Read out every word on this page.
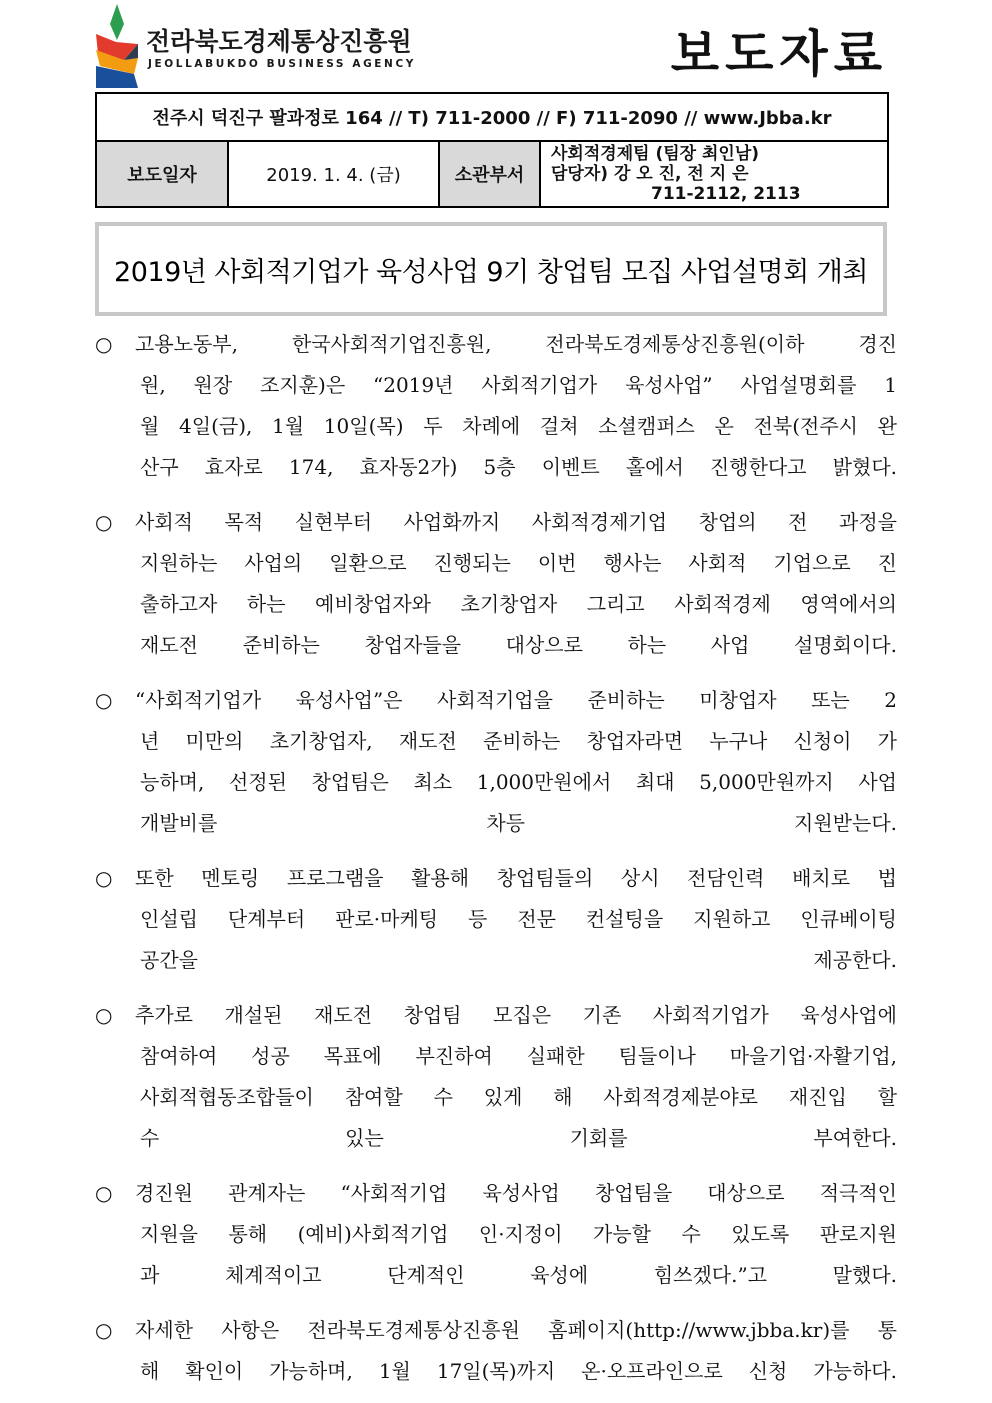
전라북도경제통상진흥원
JEOLLABUKDO BUSINESS AGENCY	보도자료
전주시 덕진구 팔과정로 164 // T) 711-2000 // F) 711-2090 // www.Jbba.kr
보도일자	2019. 1. 4. (금)	소관부서	
사회적경제팀 (팀장 최인남)
담당자) 강 오 진, 전 지 은
711-2112, 2113
2019년 사회적기업가 육성사업 9기 창업팀 모집 사업설명회 개최
○ 고용노동부, 한국사회적기업진흥원, 전라북도경제통상진흥원(이하 경진
원, 원장 조지훈)은 “2019년 사회적기업가 육성사업” 사업설명회를 1
월 4일(금), 1월 10일(목) 두 차례에 걸쳐 소셜캠퍼스 온 전북(전주시 완
산구 효자로 174, 효자동2가) 5층 이벤트 홀에서 진행한다고 밝혔다.
○ 사회적 목적 실현부터 사업화까지 사회적경제기업 창업의 전 과정을
지원하는 사업의 일환으로 진행되는 이번 행사는 사회적 기업으로 진
출하고자 하는 예비창업자와 초기창업자 그리고 사회적경제 영역에서의
재도전 준비하는 창업자들을 대상으로 하는 사업 설명회이다.
○ “사회적기업가 육성사업”은 사회적기업을 준비하는 미창업자 또는 2
년 미만의 초기창업자, 재도전 준비하는 창업자라면 누구나 신청이 가
능하며, 선정된 창업팀은 최소 1,000만원에서 최대 5,000만원까지 사업
개발비를 차등 지원받는다.
○ 또한 멘토링 프로그램을 활용해 창업팀들의 상시 전담인력 배치로 법
인설립 단계부터 판로·마케팅 등 전문 컨설팅을 지원하고 인큐베이팅
공간을 제공한다.
○ 추가로 개설된 재도전 창업팀 모집은 기존 사회적기업가 육성사업에
참여하여 성공 목표에 부진하여 실패한 팀들이나 마을기업·자활기업,
사회적협동조합들이 참여할 수 있게 해 사회적경제분야로 재진입 할
수 있는 기회를 부여한다.
○ 경진원 관계자는 “사회적기업 육성사업 창업팀을 대상으로 적극적인
지원을 통해 (예비)사회적기업 인·지정이 가능할 수 있도록 판로지원
과 체계적이고 단계적인 육성에 힘쓰겠다.”고 말했다.
○ 자세한 사항은 전라북도경제통상진흥원 홈페이지(http://www.jbba.kr)를 통
해 확인이 가능하며, 1월 17일(목)까지 온·오프라인으로 신청 가능하다.
